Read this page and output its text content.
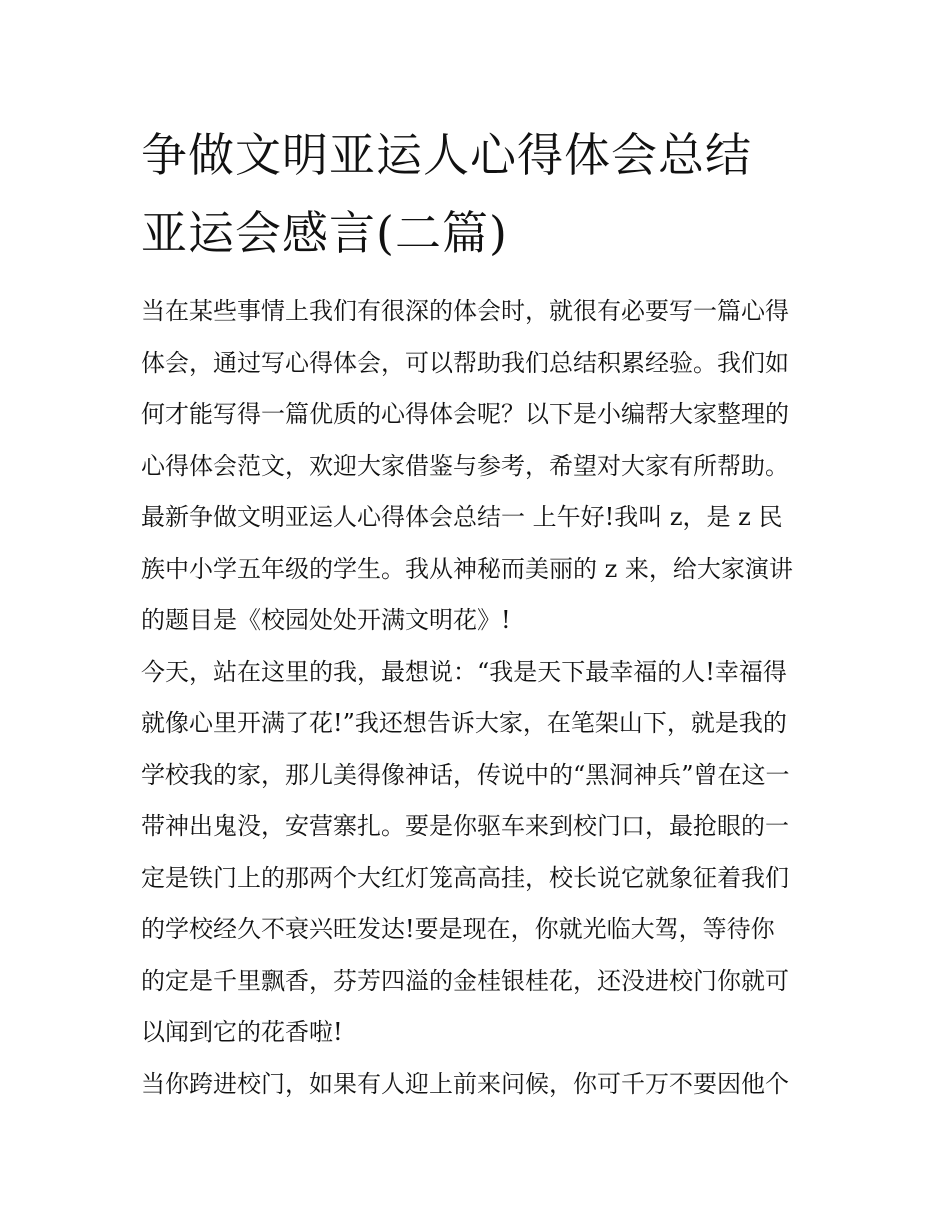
争做文明亚运人心得体会总结
亚运会感言(二篇)
当在某些事情上我们有很深的体会时，就很有必要写一篇心得
体会，通过写心得体会，可以帮助我们总结积累经验。我们如
何才能写得一篇优质的心得体会呢？以下是小编帮大家整理的
心得体会范文，欢迎大家借鉴与参考，希望对大家有所帮助。
最新争做文明亚运人心得体会总结一 上午好!我叫 z，是 z 民
族中小学五年级的学生。我从神秘而美丽的 z 来，给大家演讲
的题目是《校园处处开满文明花》!
今天，站在这里的我，最想说：“我是天下最幸福的人!幸福得
就像心里开满了花!”我还想告诉大家，在笔架山下，就是我的
学校我的家，那儿美得像神话，传说中的“黑洞神兵”曾在这一
带神出鬼没，安营寨扎。要是你驱车来到校门口，最抢眼的一
定是铁门上的那两个大红灯笼高高挂，校长说它就象征着我们
的学校经久不衰兴旺发达!要是现在，你就光临大驾，等待你
的定是千里飘香，芬芳四溢的金桂银桂花，还没进校门你就可
以闻到它的花香啦!
当你跨进校门，如果有人迎上前来问候，你可千万不要因他个
